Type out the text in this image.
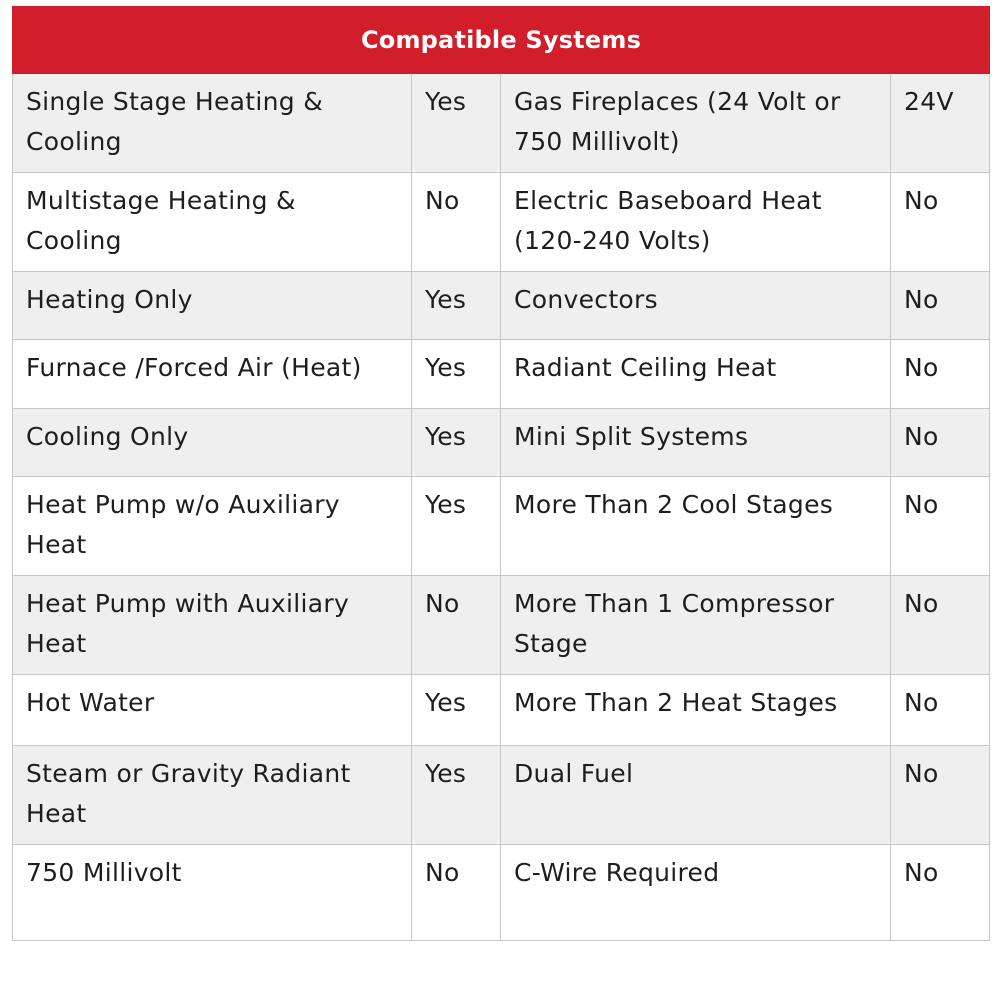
Compatible Systems			
Single Stage Heating & Cooling	Yes	Gas Fireplaces (24 Volt or 750 Millivolt)	24V
Multistage Heating & Cooling	No	Electric Baseboard Heat (120-240 Volts)	No
Heating Only	Yes	Convectors	No
Furnace /Forced Air (Heat)	Yes	Radiant Ceiling Heat	No
Cooling Only	Yes	Mini Split Systems	No
Heat Pump w/o Auxiliary Heat	Yes	More Than 2 Cool Stages	No
Heat Pump with Auxiliary Heat	No	More Than 1 Compressor Stage	No
Hot Water	Yes	More Than 2 Heat Stages	No
Steam or Gravity Radiant Heat	Yes	Dual Fuel	No
750 Millivolt	No	C-Wire Required	No
